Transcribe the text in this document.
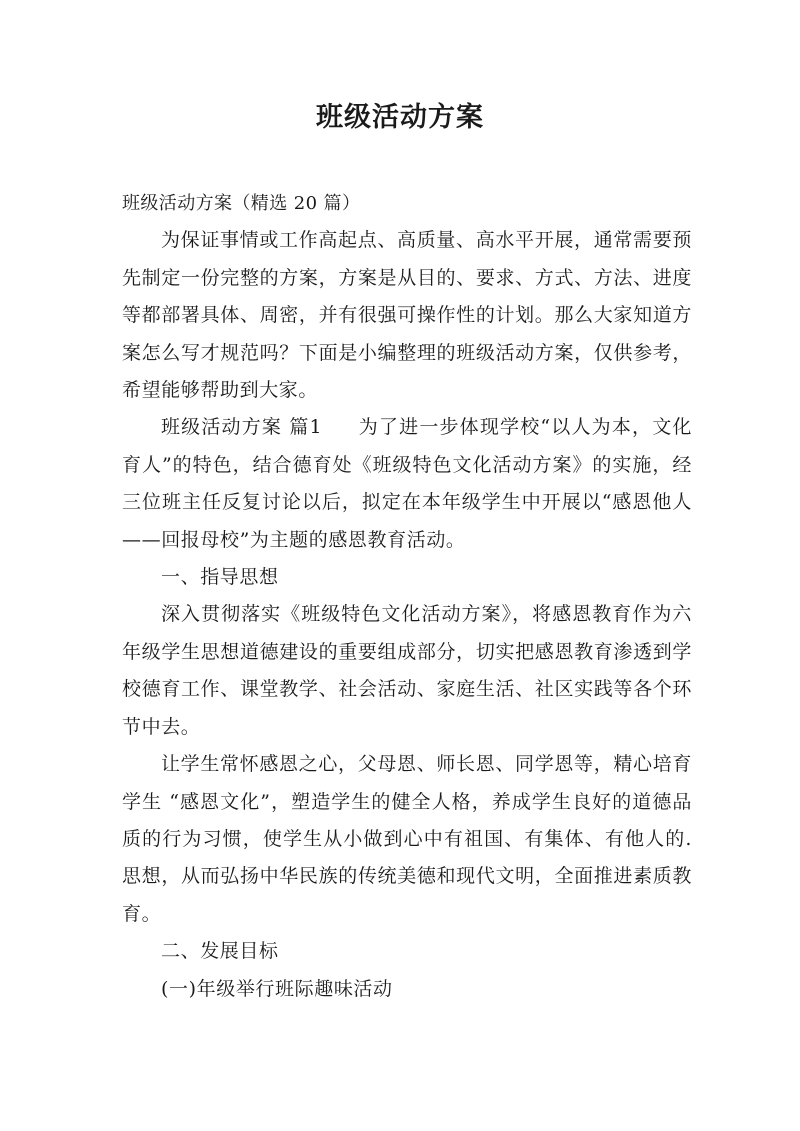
班级活动方案

班级活动方案（精选 20 篇）

为保证事情或工作高起点、高质量、高水平开展，通常需要预先制定一份完整的方案，方案是从目的、要求、方式、方法、进度等都部署具体、周密，并有很强可操作性的计划。那么大家知道方案怎么写才规范吗？下面是小编整理的班级活动方案，仅供参考，希望能够帮助到大家。

班级活动方案 篇1 为了进一步体现学校“以人为本，文化育人”的特色，结合德育处《班级特色文化活动方案》的实施，经三位班主任反复讨论以后，拟定在本年级学生中开展以“感恩他人——回报母校”为主题的感恩教育活动。

一、指导思想

深入贯彻落实《班级特色文化活动方案》，将感恩教育作为六年级学生思想道德建设的重要组成部分，切实把感恩教育渗透到学校德育工作、课堂教学、社会活动、家庭生活、社区实践等各个环节中去。

让学生常怀感恩之心，父母恩、师长恩、同学恩等，精心培育学生 “感恩文化”，塑造学生的健全人格，养成学生良好的道德品质的行为习惯，使学生从小做到心中有祖国、有集体、有他人的.思想，从而弘扬中华民族的传统美德和现代文明，全面推进素质教育。

二、发展目标

(一)年级举行班际趣味活动
